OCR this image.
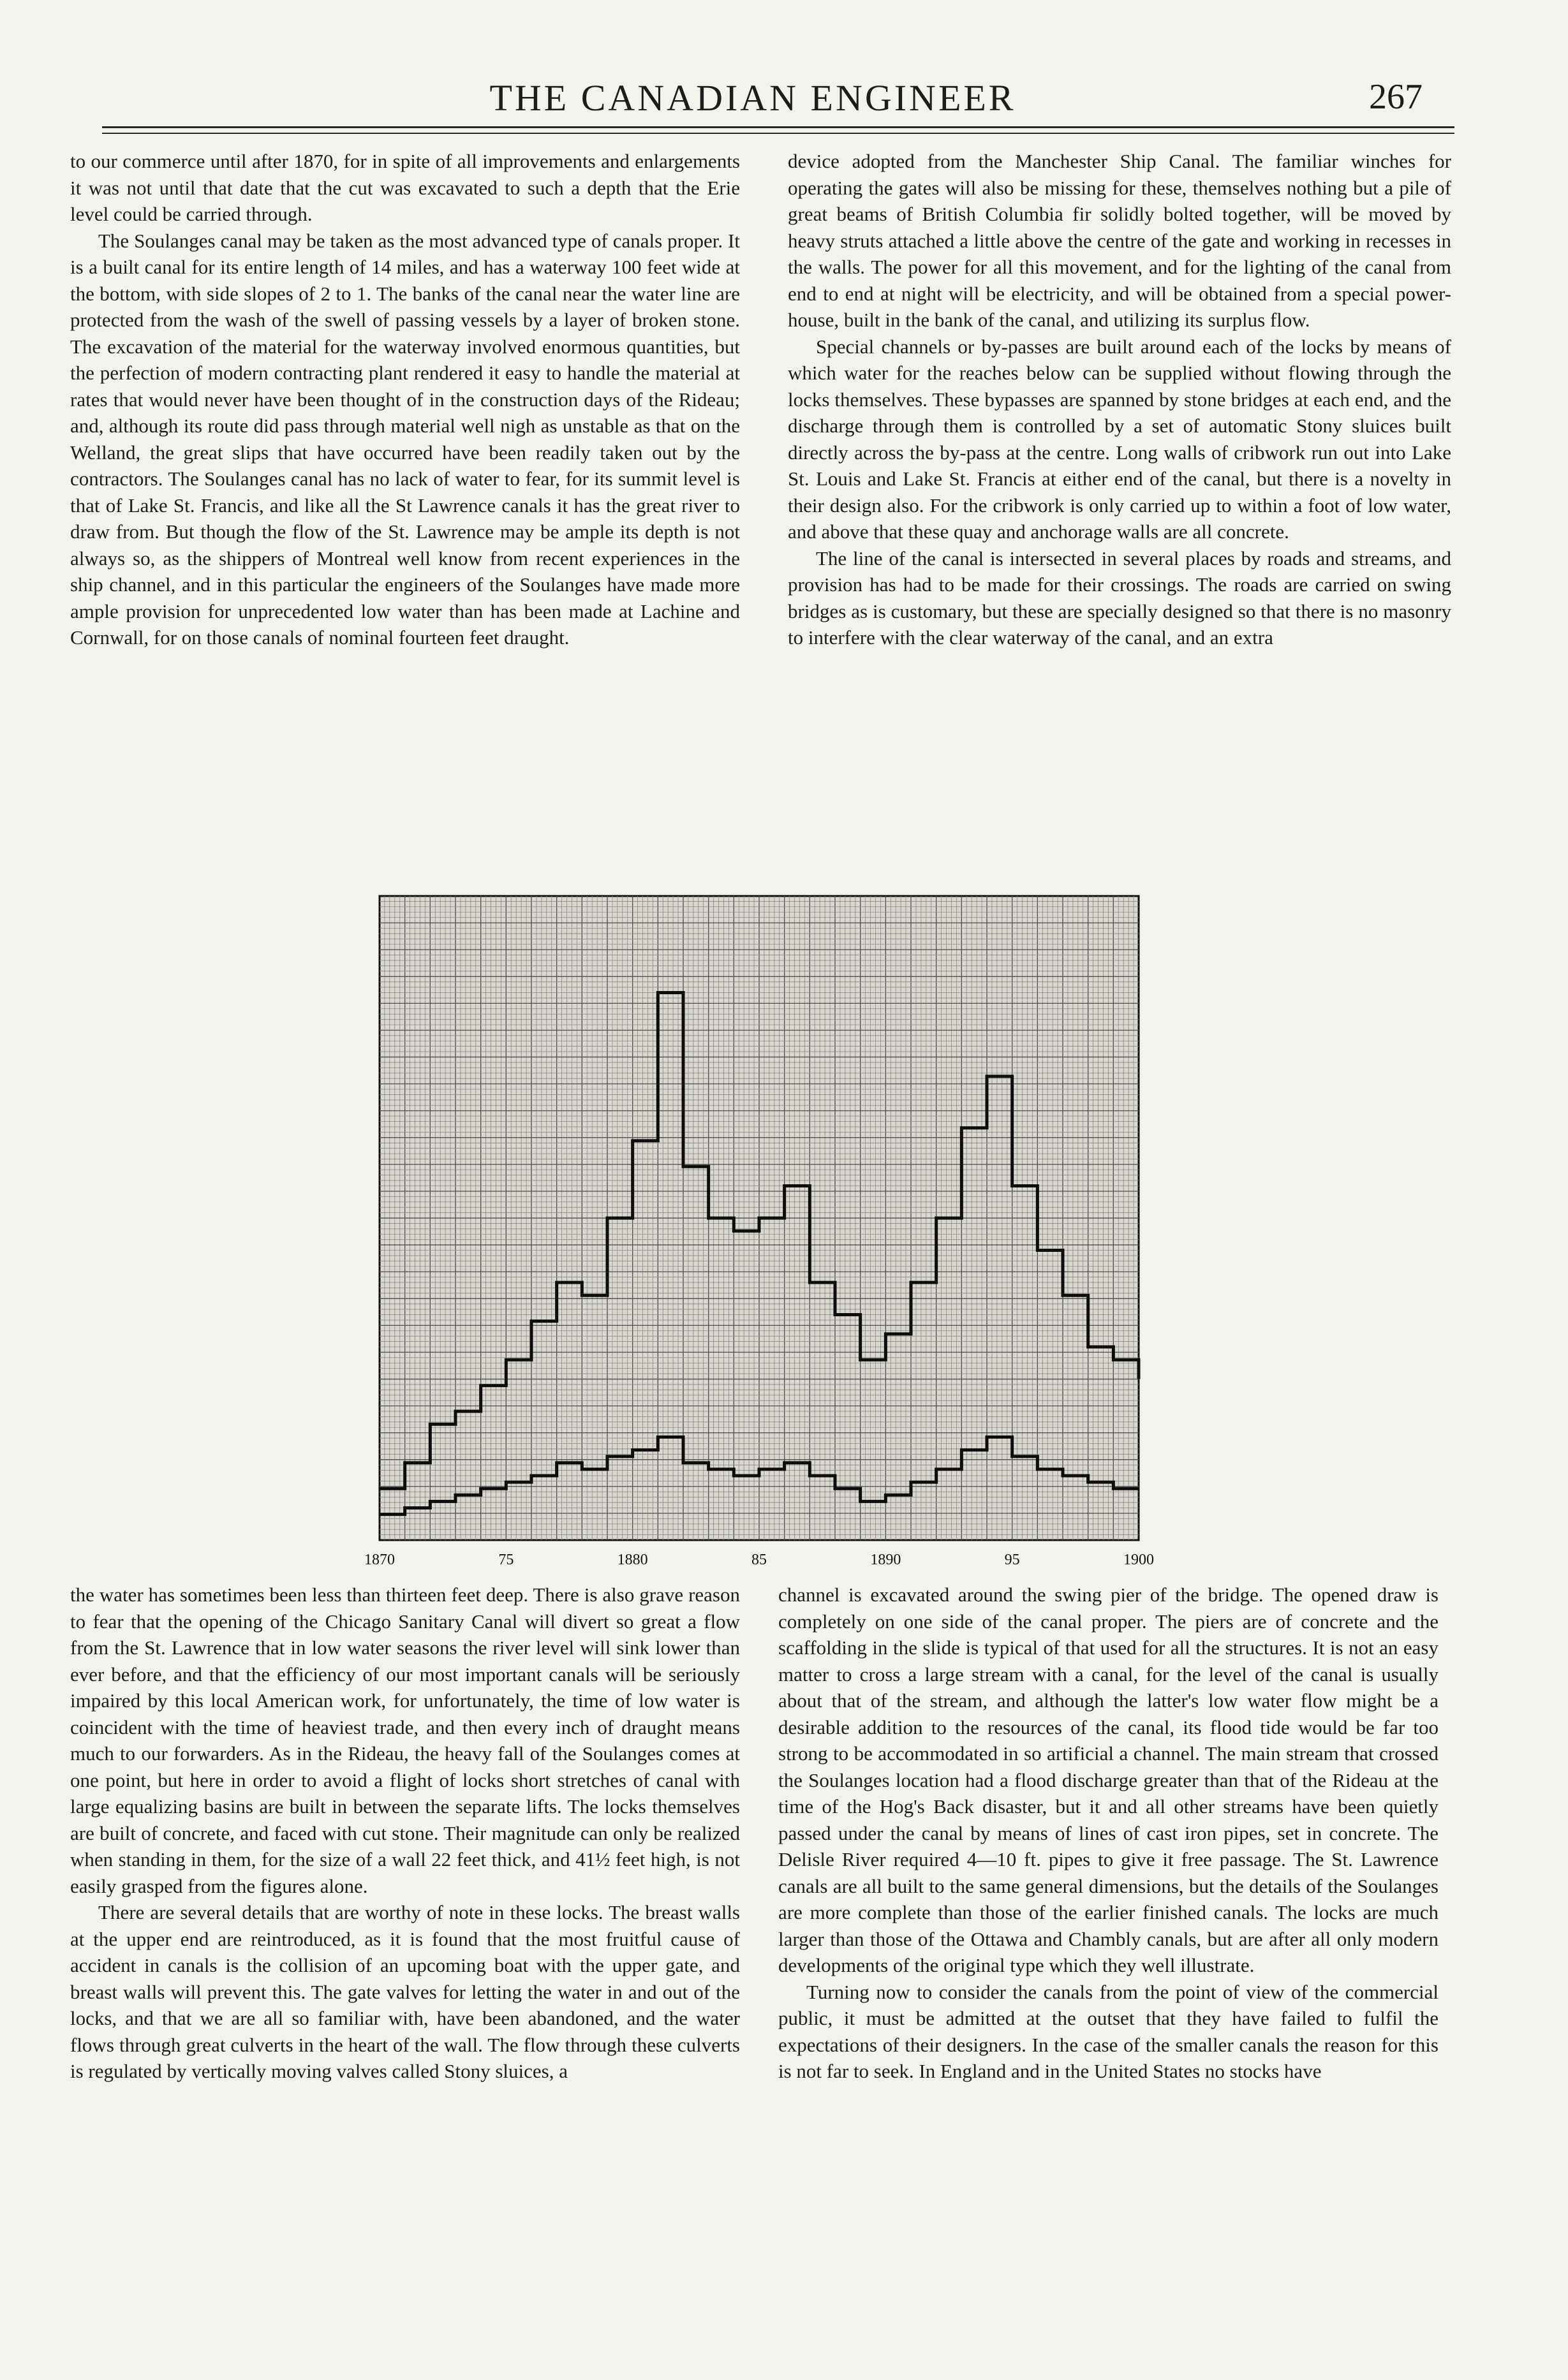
THE CANADIAN ENGINEER	267

to our commerce until after 1870, for in spite of all improvements and enlargements it was not until that date that the cut was excavated to such a depth that the Erie level could be carried through.

The Soulanges canal may be taken as the most advanced type of canals proper. It is a built canal for its entire length of 14 miles, and has a waterway 100 feet wide at the bottom, with side slopes of 2 to 1. The banks of the canal near the water line are protected from the wash of the swell of passing vessels by a layer of broken stone. The excavation of the material for the waterway involved enormous quantities, but the perfection of modern contracting plant rendered it easy to handle the material at rates that would never have been thought of in the construction days of the Rideau; and, although its route did pass through material well nigh as unstable as that on the Welland, the great slips that have occurred have been readily taken out by the contractors. The Soulanges canal has no lack of water to fear, for its summit level is that of Lake St. Francis, and like all the St Lawrence canals it has the great river to draw from. But though the flow of the St. Lawrence may be ample its depth is not always so, as the shippers of Montreal well know from recent experiences in the ship channel, and in this particular the engineers of the Soulanges have made more ample provision for unprecedented low water than has been made at Lachine and Cornwall, for on those canals of nominal fourteen feet draught.

device adopted from the Manchester Ship Canal. The familiar winches for operating the gates will also be missing for these, themselves nothing but a pile of great beams of British Columbia fir solidly bolted together, will be moved by heavy struts attached a little above the centre of the gate and working in recesses in the walls. The power for all this movement, and for the lighting of the canal from end to end at night will be electricity, and will be obtained from a special power-house, built in the bank of the canal, and utilizing its surplus flow.

Special channels or by-passes are built around each of the locks by means of which water for the reaches below can be supplied without flowing through the locks themselves. These bypasses are spanned by stone bridges at each end, and the discharge through them is controlled by a set of automatic Stony sluices built directly across the by-pass at the centre. Long walls of cribwork run out into Lake St. Louis and Lake St. Francis at either end of the canal, but there is a novelty in their design also. For the cribwork is only carried up to within a foot of low water, and above that these quay and anchorage walls are all concrete.

The line of the canal is intersected in several places by roads and streams, and provision has had to be made for their crossings. The roads are carried on swing bridges as is customary, but these are specially designed so that there is no masonry to interfere with the clear waterway of the canal, and an extra

1870	75	1880	85	1890	95	1900

the water has sometimes been less than thirteen feet deep. There is also grave reason to fear that the opening of the Chicago Sanitary Canal will divert so great a flow from the St. Lawrence that in low water seasons the river level will sink lower than ever before, and that the efficiency of our most important canals will be seriously impaired by this local American work, for unfortunately, the time of low water is coincident with the time of heaviest trade, and then every inch of draught means much to our forwarders. As in the Rideau, the heavy fall of the Soulanges comes at one point, but here in order to avoid a flight of locks short stretches of canal with large equalizing basins are built in between the separate lifts. The locks themselves are built of concrete, and faced with cut stone. Their magnitude can only be realized when standing in them, for the size of a wall 22 feet thick, and 41½ feet high, is not easily grasped from the figures alone.

There are several details that are worthy of note in these locks. The breast walls at the upper end are reintroduced, as it is found that the most fruitful cause of accident in canals is the collision of an upcoming boat with the upper gate, and breast walls will prevent this. The gate valves for letting the water in and out of the locks, and that we are all so familiar with, have been abandoned, and the water flows through great culverts in the heart of the wall. The flow through these culverts is regulated by vertically moving valves called Stony sluices, a

channel is excavated around the swing pier of the bridge. The opened draw is completely on one side of the canal proper. The piers are of concrete and the scaffolding in the slide is typical of that used for all the structures. It is not an easy matter to cross a large stream with a canal, for the level of the canal is usually about that of the stream, and although the latter's low water flow might be a desirable addition to the resources of the canal, its flood tide would be far too strong to be accommodated in so artificial a channel. The main stream that crossed the Soulanges location had a flood discharge greater than that of the Rideau at the time of the Hog's Back disaster, but it and all other streams have been quietly passed under the canal by means of lines of cast iron pipes, set in concrete. The Delisle River required 4—10 ft. pipes to give it free passage. The St. Lawrence canals are all built to the same general dimensions, but the details of the Soulanges are more complete than those of the earlier finished canals. The locks are much larger than those of the Ottawa and Chambly canals, but are after all only modern developments of the original type which they well illustrate.

Turning now to consider the canals from the point of view of the commercial public, it must be admitted at the outset that they have failed to fulfil the expectations of their designers. In the case of the smaller canals the reason for this is not far to seek. In England and in the United States no stocks have
